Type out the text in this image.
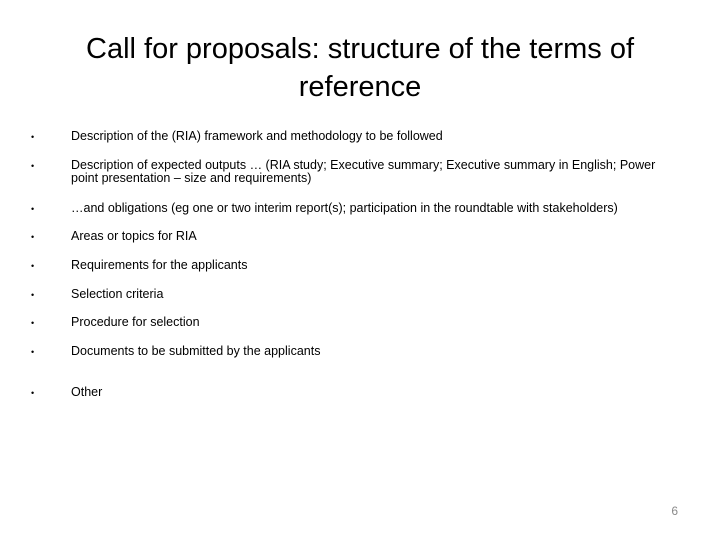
Call for proposals: structure of the terms of reference
•	Description of the (RIA) framework and methodology to be followed
•	Description of expected outputs … (RIA study; Executive summary; Executive summary in English; Power point presentation – size and requirements)
•	…and obligations (eg one or two interim report(s); participation in the roundtable with stakeholders)
•	Areas or topics for RIA
•	Requirements for the applicants
•	Selection criteria
•	Procedure for selection
•	Documents to be submitted by the applicants
•	Other
6
